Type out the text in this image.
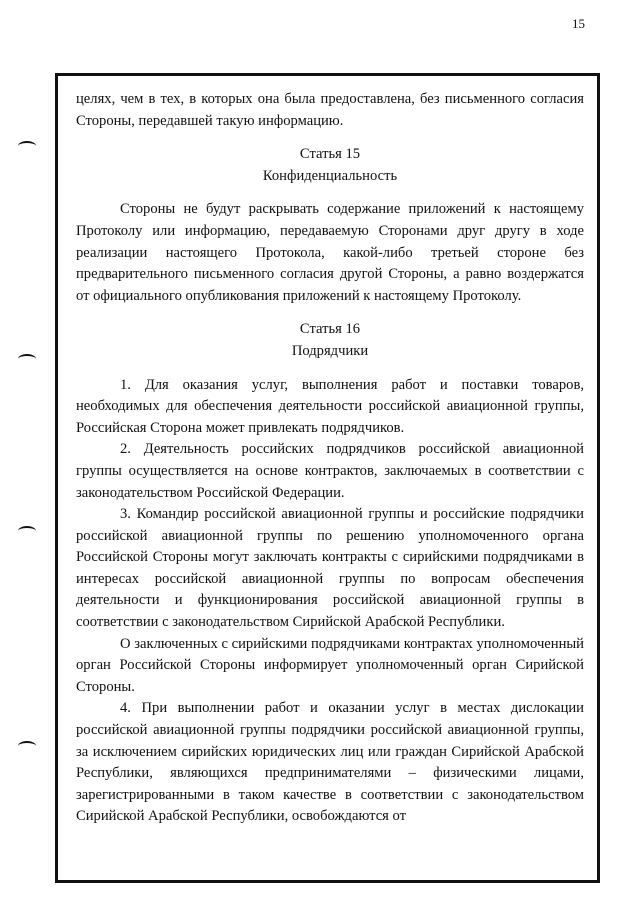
15

целях, чем в тех, в которых она была предоставлена, без письменного согласия Стороны, передавшей такую информацию.

Статья 15

Конфиденциальность

Стороны не будут раскрывать содержание приложений к настоящему Протоколу или информацию, передаваемую Сторонами друг другу в ходе реализации настоящего Протокола, какой-либо третьей стороне без предварительного письменного согласия другой Стороны, а равно воздержатся от официального опубликования приложений к настоящему Протоколу.

Статья 16

Подрядчики

1. Для оказания услуг, выполнения работ и поставки товаров, необходимых для обеспечения деятельности российской авиационной группы, Российская Сторона может привлекать подрядчиков.

2. Деятельность российских подрядчиков российской авиационной группы осуществляется на основе контрактов, заключаемых в соответствии с законодательством Российской Федерации.

3. Командир российской авиационной группы и российские подрядчики российской авиационной группы по решению уполномоченного органа Российской Стороны могут заключать контракты с сирийскими подрядчиками в интересах российской авиационной группы по вопросам обеспечения деятельности и функционирования российской авиационной группы в соответствии с законодательством Сирийской Арабской Республики.

О заключенных с сирийскими подрядчиками контрактах уполномоченный орган Российской Стороны информирует уполномоченный орган Сирийской Стороны.

4. При выполнении работ и оказании услуг в местах дислокации российской авиационной группы подрядчики российской авиационной группы, за исключением сирийских юридических лиц или граждан Сирийской Арабской Республики, являющихся предпринимателями – физическими лицами, зарегистрированными в таком качестве в соответствии с законодательством Сирийской Арабской Республики, освобождаются от
